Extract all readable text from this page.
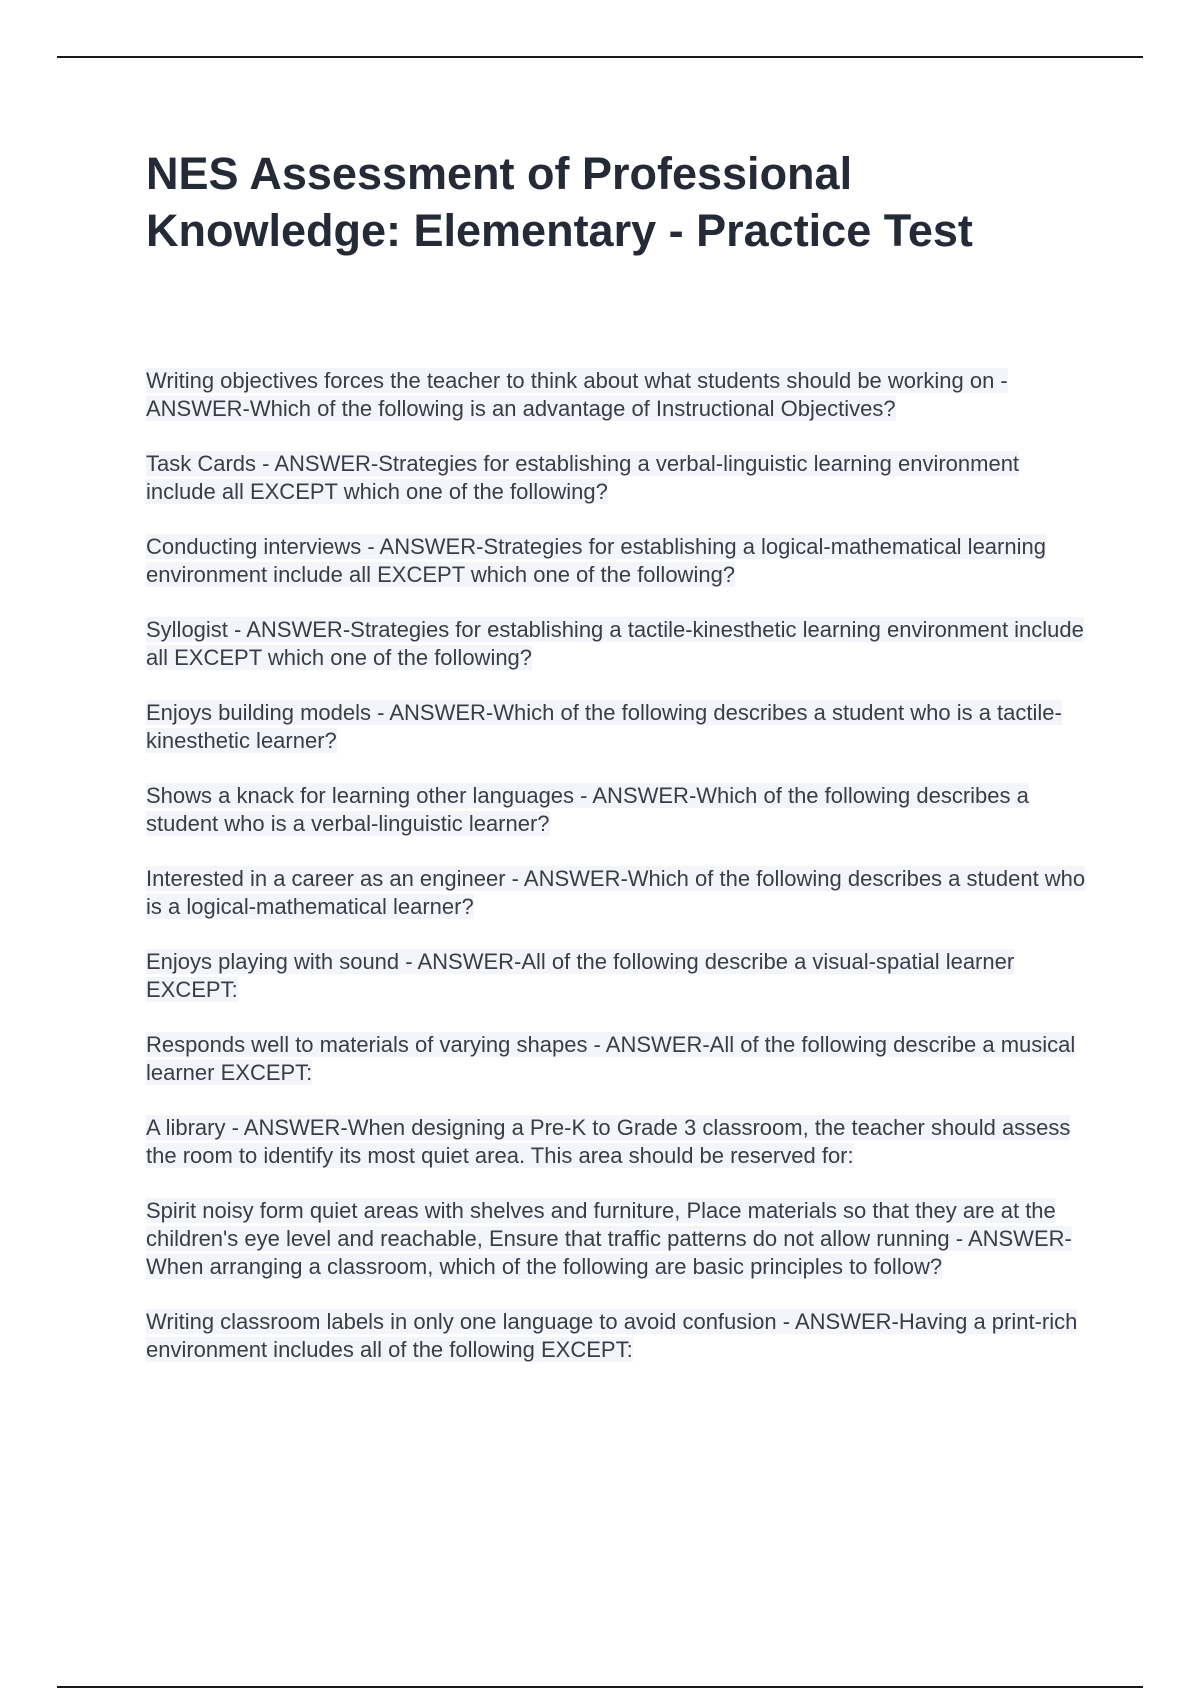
NES Assessment of Professional Knowledge: Elementary - Practice Test
Writing objectives forces the teacher to think about what students should be working on - ANSWER-Which of the following is an advantage of Instructional Objectives?
Task Cards - ANSWER-Strategies for establishing a verbal-linguistic learning environment include all EXCEPT which one of the following?
Conducting interviews - ANSWER-Strategies for establishing a logical-mathematical learning environment include all EXCEPT which one of the following?
Syllogist - ANSWER-Strategies for establishing a tactile-kinesthetic learning environment include all EXCEPT which one of the following?
Enjoys building models - ANSWER-Which of the following describes a student who is a tactile-kinesthetic learner?
Shows a knack for learning other languages - ANSWER-Which of the following describes a student who is a verbal-linguistic learner?
Interested in a career as an engineer - ANSWER-Which of the following describes a student who is a logical-mathematical learner?
Enjoys playing with sound - ANSWER-All of the following describe a visual-spatial learner EXCEPT:
Responds well to materials of varying shapes - ANSWER-All of the following describe a musical learner EXCEPT:
A library - ANSWER-When designing a Pre-K to Grade 3 classroom, the teacher should assess the room to identify its most quiet area. This area should be reserved for:
Spirit noisy form quiet areas with shelves and furniture, Place materials so that they are at the children's eye level and reachable, Ensure that traffic patterns do not allow running - ANSWER-When arranging a classroom, which of the following are basic principles to follow?
Writing classroom labels in only one language to avoid confusion - ANSWER-Having a print-rich environment includes all of the following EXCEPT:
